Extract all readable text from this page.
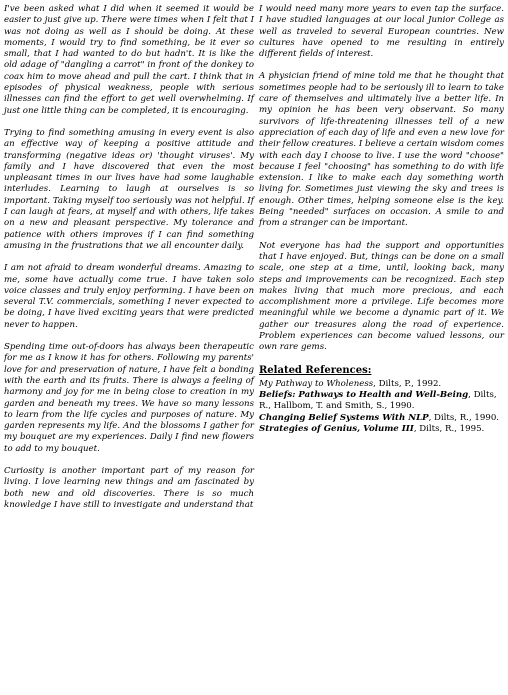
I've been asked what I did when it seemed it would be easier to just give up. There were times when I felt that I was not doing as well as I should be doing. At these moments, I would try to find something, be it ever so small, that I had wanted to do but hadn't. It is like the old adage of "dangling a carrot" in front of the donkey to coax him to move ahead and pull the cart. I think that in episodes of physical weakness, people with serious illnesses can find the effort to get well overwhelming. If just one little thing can be completed, it is encouraging.

Trying to find something amusing in every event is also an effective way of keeping a positive attitude and transforming (negative ideas or) 'thought viruses'. My family and I have discovered that even the most unpleasant times in our lives have had some laughable interludes. Learning to laugh at ourselves is so important. Taking myself too seriously was not helpful. If I can laugh at fears, at myself and with others, life takes on a new and pleasant perspective. My tolerance and patience with others improves if I can find something amusing in the frustrations that we all encounter daily.

I am not afraid to dream wonderful dreams. Amazing to me, some have actually come true. I have taken solo voice classes and truly enjoy performing. I have been on several T.V. commercials, something I never expected to be doing, I have lived exciting years that were predicted never to happen.

Spending time out-of-doors has always been therapeutic for me as I know it has for others. Following my parents' love for and preservation of nature, I have felt a bonding with the earth and its fruits. There is always a feeling of harmony and joy for me in being close to creation in my garden and beneath my trees. We have so many lessons to learn from the life cycles and purposes of nature. My garden represents my life. And the blossoms I gather for my bouquet are my experiences. Daily I find new flowers to add to my bouquet.

Curiosity is another important part of my reason for living. I love learning new things and am fascinated by both new and old discoveries. There is so much knowledge I have still to investigate and understand that

I would need many more years to even tap the surface. I have studied languages at our local Junior College as well as traveled to several European countries. New cultures have opened to me resulting in entirely different fields of interest.

A physician friend of mine told me that he thought that sometimes people had to be seriously ill to learn to take care of themselves and ultimately live a better life. In my opinion he has been very observant. So many survivors of life-threatening illnesses tell of a new appreciation of each day of life and even a new love for their fellow creatures. I believe a certain wisdom comes with each day I choose to live. I use the word "choose" because I feel "choosing" has something to do with life extension. I like to make each day something worth living for. Sometimes just viewing the sky and trees is enough. Other times, helping someone else is the key. Being "needed" surfaces on occasion. A smile to and from a stranger can be important.

Not everyone has had the support and opportunities that I have enjoyed. But, things can be done on a small scale, one step at a time, until, looking back, many steps and improvements can be recognized. Each step makes living that much more precious, and each accomplishment more a privilege. Life becomes more meaningful while we become a dynamic part of it. We gather our treasures along the road of experience. Problem experiences can become valued lessons, our own rare gems.

Related References:

My Pathway to Wholeness, Dilts, P., 1992.

Beliefs: Pathways to Health and Well-Being, Dilts, R., Hallbom, T. and Smith, S., 1990.

Changing Belief Systems With NLP, Dilts, R., 1990.

Strategies of Genius, Volume III, Dilts, R., 1995.
